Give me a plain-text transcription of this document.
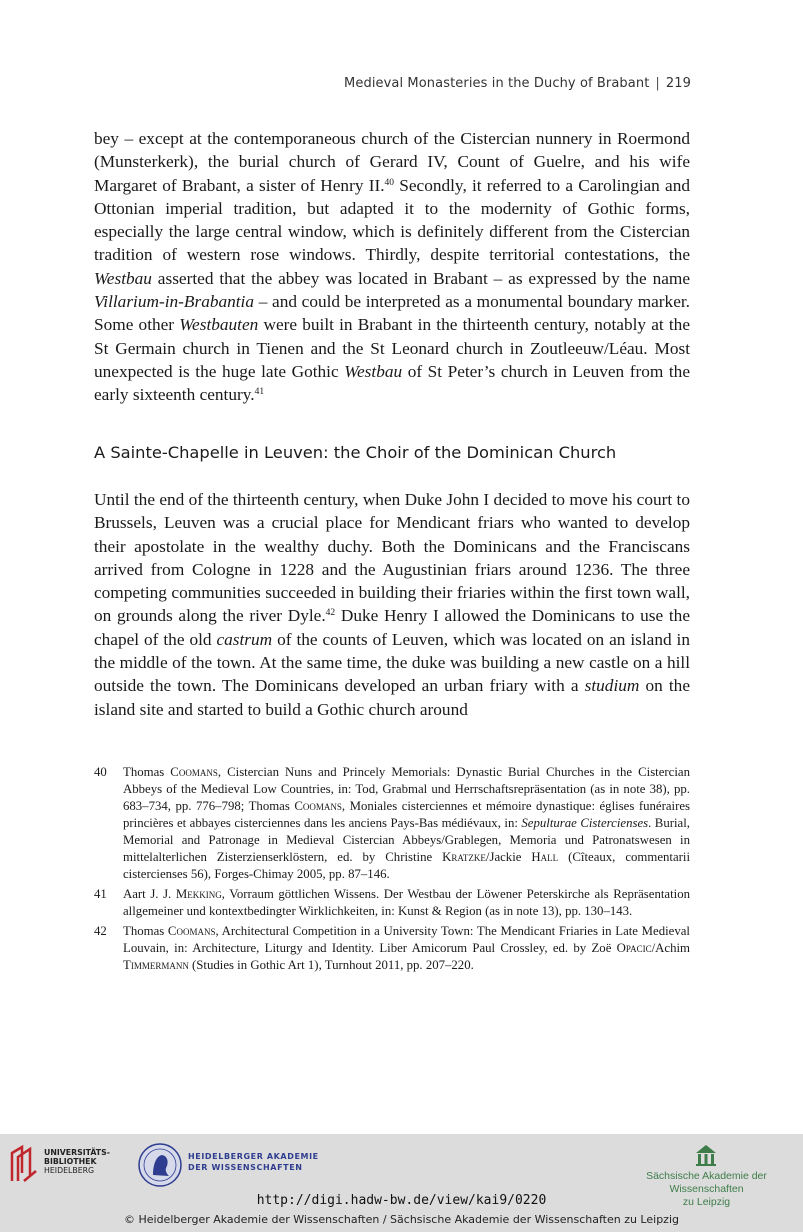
Medieval Monasteries in the Duchy of Brabant | 219
bey – except at the contemporaneous church of the Cistercian nunnery in Roermond (Munsterkerk), the burial church of Gerard IV, Count of Guelre, and his wife Margaret of Brabant, a sister of Henry II.$^{40}$ Secondly, it referred to a Carolingian and Ottonian imperial tradition, but adapted it to the modernity of Gothic forms, especially the large central window, which is definitely different from the Cistercian tradition of western rose windows. Thirdly, despite territorial contestations, the Westbau asserted that the abbey was located in Brabant – as expressed by the name Villarium-in-Brabantia – and could be interpreted as a monumental boundary marker. Some other Westbauten were built in Brabant in the thirteenth century, notably at the St Germain church in Tienen and the St Leonard church in Zoutleeuw/Léau. Most unexpected is the huge late Gothic Westbau of St Peter’s church in Leuven from the early sixteenth century.$^{41}$
A Sainte-Chapelle in Leuven: the Choir of the Dominican Church
Until the end of the thirteenth century, when Duke John I decided to move his court to Brussels, Leuven was a crucial place for Mendicant friars who wanted to develop their apostolate in the wealthy duchy. Both the Dominicans and the Franciscans arrived from Cologne in 1228 and the Augustinian friars around 1236. The three competing communities succeeded in building their friaries within the first town wall, on grounds along the river Dyle.$^{42}$ Duke Henry I allowed the Dominicans to use the chapel of the old castrum of the counts of Leuven, which was located on an island in the middle of the town. At the same time, the duke was building a new castle on a hill outside the town. The Dominicans developed an urban friary with a studium on the island site and started to build a Gothic church around
40 Thomas Coomans, Cistercian Nuns and Princely Memorials: Dynastic Burial Churches in the Cistercian Abbeys of the Medieval Low Countries, in: Tod, Grabmal und Herrschaftsrepräsentation (as in note 38), pp. 683–734, pp. 776–798; Thomas Coomans, Moniales cisterciennes et mémoire dynastique: églises funéraires princières et abbayes cisterciennes dans les anciens Pays-Bas médiévaux, in: Sepulturae Cistercienses. Burial, Memorial and Patronage in Medieval Cistercian Abbeys/Grablegen, Memoria und Patronatswesen in mittelalterlichen Zisterzienserklöstern, ed. by Christine Kratzke/Jackie Hall (Cîteaux, commentarii cistercienses 56), Forges-Chimay 2005, pp. 87–146.
41 Aart J. J. Mekking, Vorraum göttlichen Wissens. Der Westbau der Löwener Peterskirche als Repräsentation allgemeiner und kontextbedingter Wirklichkeiten, in: Kunst & Region (as in note 13), pp. 130–143.
42 Thomas Coomans, Architectural Competition in a University Town: The Mendicant Friaries in Late Medieval Louvain, in: Architecture, Liturgy and Identity. Liber Amicorum Paul Crossley, ed. by Zoë Opacic/Achim Timmermann (Studies in Gothic Art 1), Turnhout 2011, pp. 207–220.
UNIVERSITÄTS-
BIBLIOTHEK
HEIDELBERG
HEIDELBERGER AKADEMIE
DER WISSENSCHAFTEN
Sächsische Akademie der Wissenschaften
zu Leipzig
http://digi.hadw-bw.de/view/kai9/0220
© Heidelberger Akademie der Wissenschaften / Sächsische Akademie der Wissenschaften zu Leipzig
